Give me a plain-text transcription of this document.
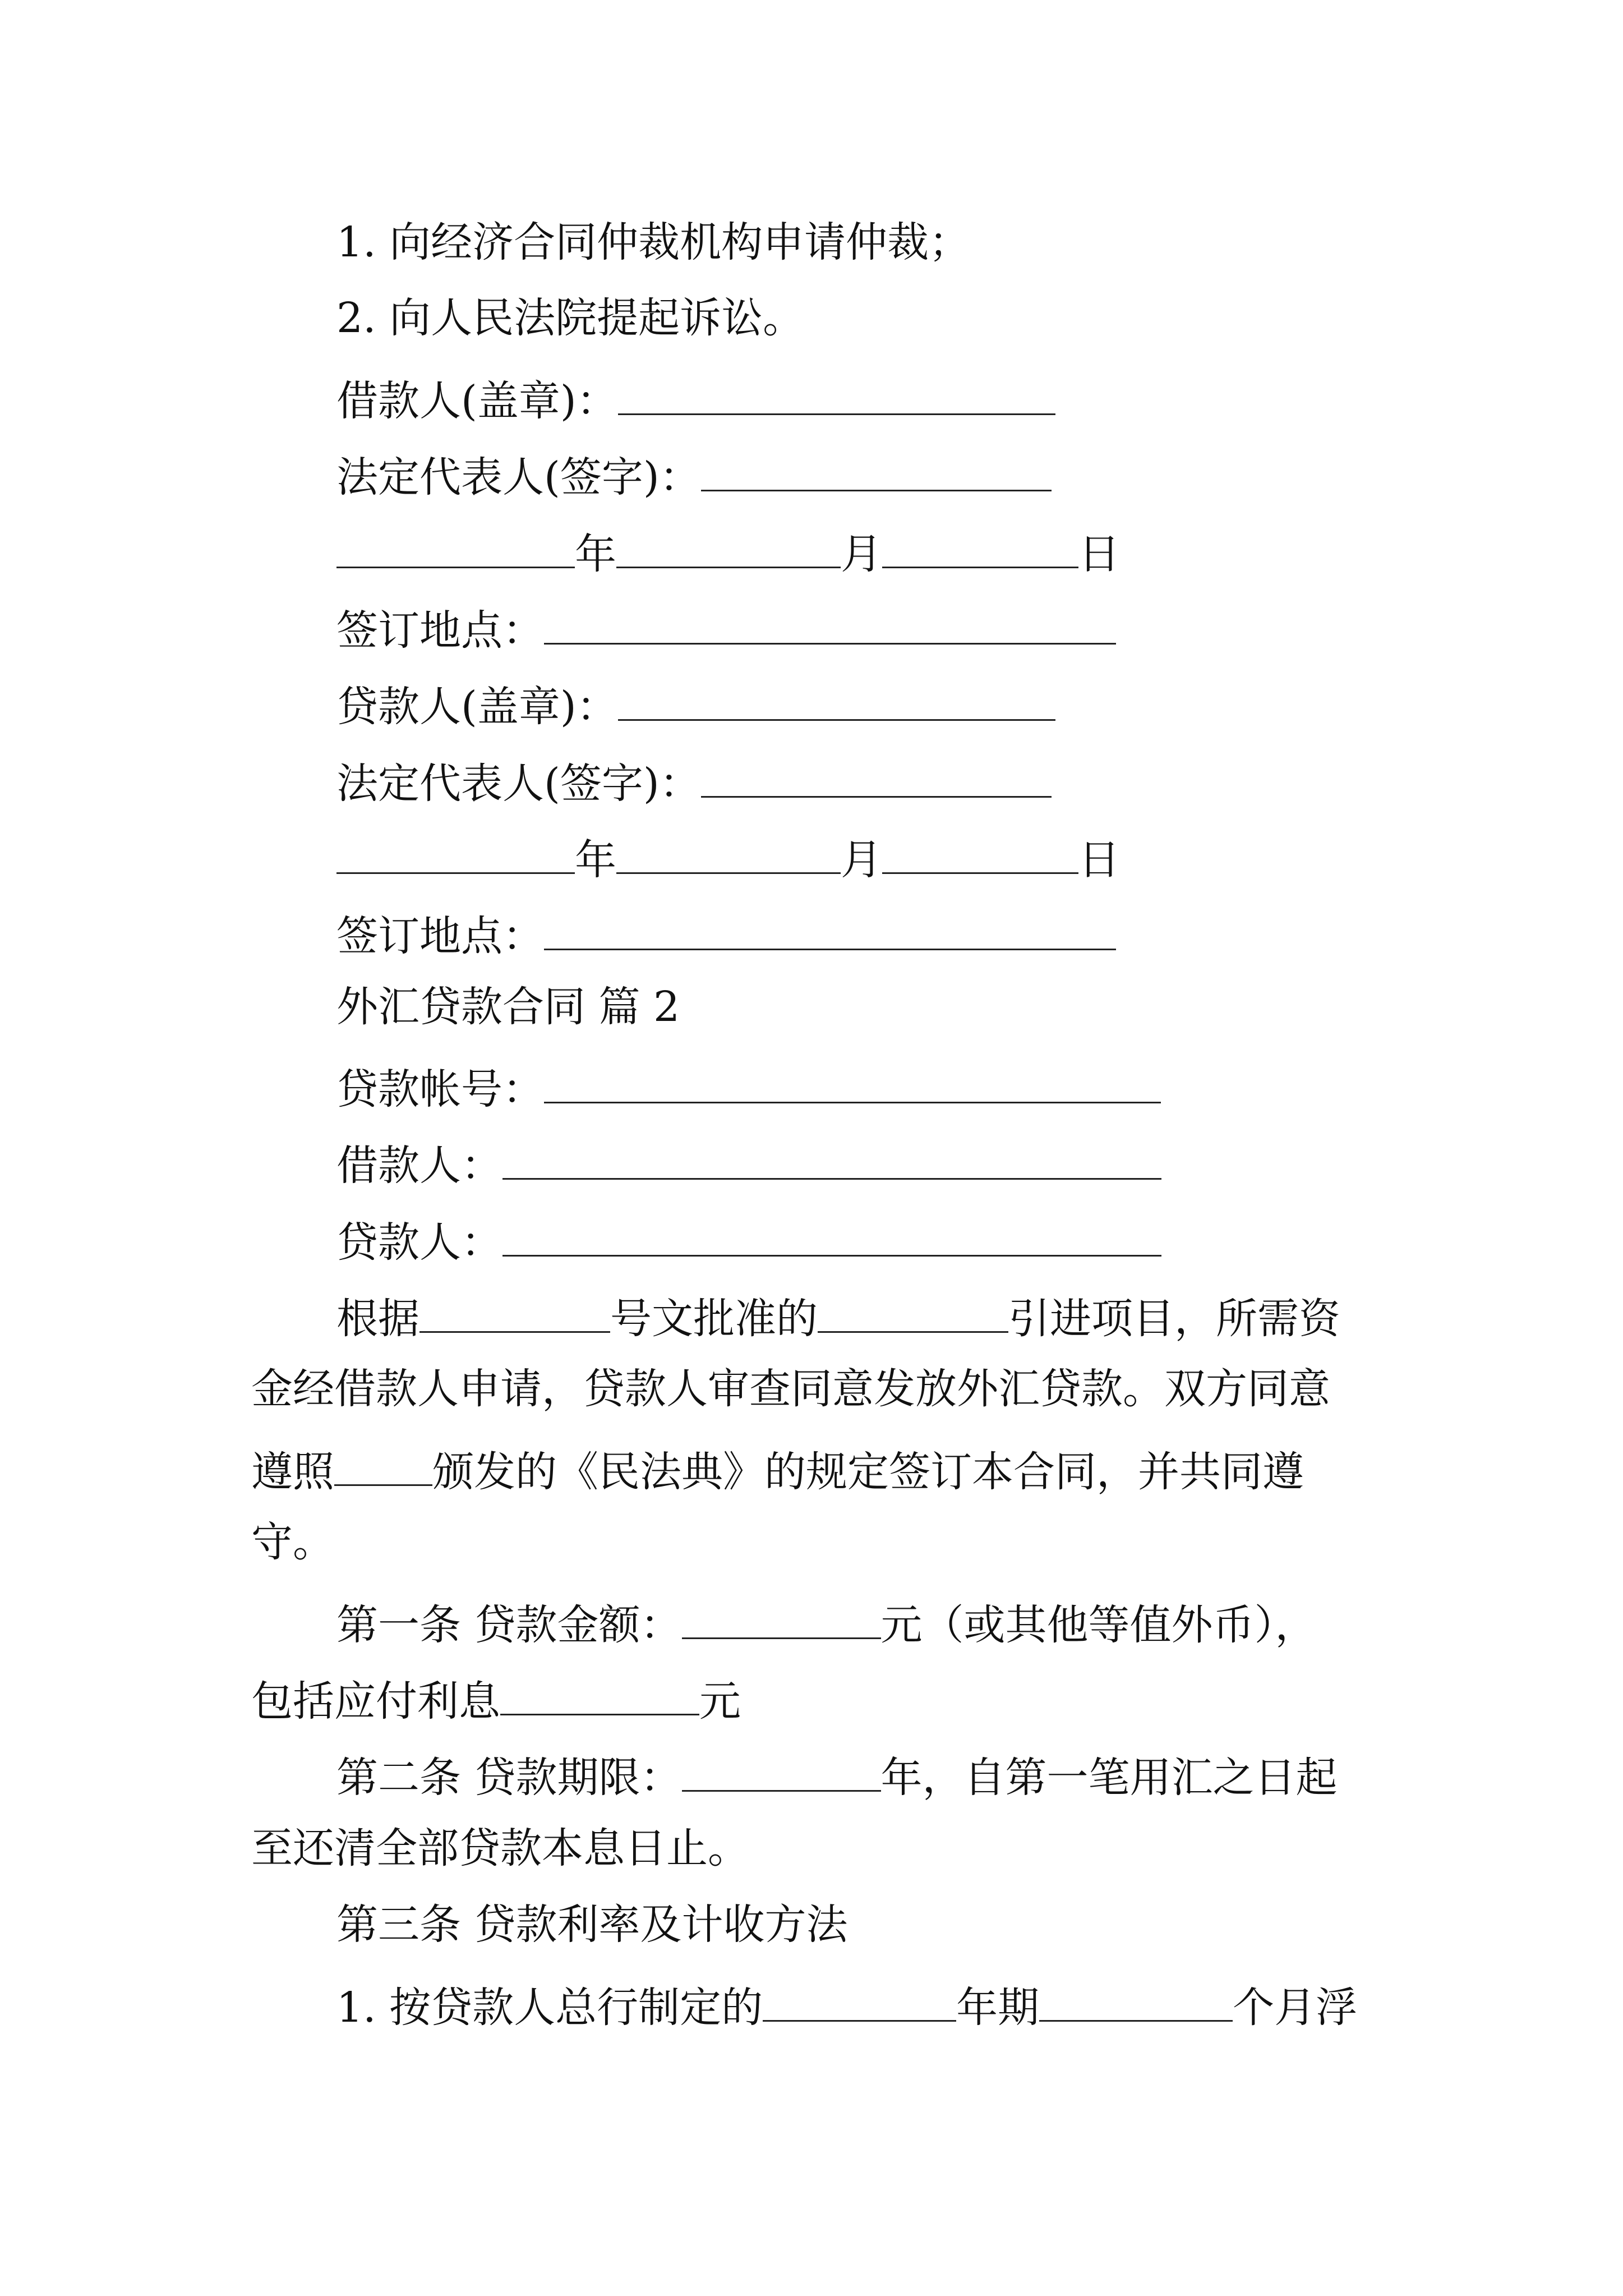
1. 向经济合同仲裁机构申请仲裁；
2. 向人民法院提起诉讼。
借款人(盖章)：
法定代表人(签字)：
年	月	日
签订地点：
贷款人(盖章)：
法定代表人(签字)：
年	月	日
签订地点：
外汇贷款合同 篇 2
贷款帐号：
借款人：
贷款人：
根据	号文批准的	引进项目，所需资
金经借款人申请，贷款人审查同意发放外汇贷款。双方同意
遵照 颁发的《民法典》的规定签订本合同，并共同遵
守。
第一条 贷款金额：	元（或其他等值外币），
包括应付利息	元
第二条 贷款期限：	年，自第一笔用汇之日起
至还清全部贷款本息日止。
第三条 贷款利率及计收方法
1. 按贷款人总行制定的	年期	个月浮
